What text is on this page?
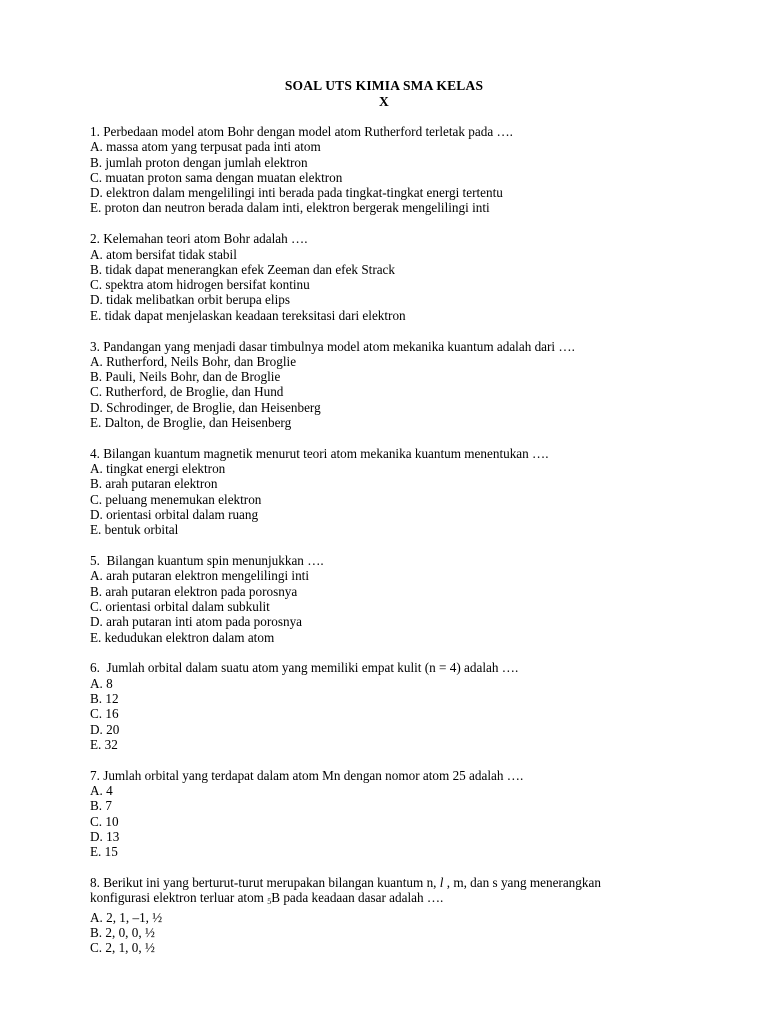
SOAL UTS KIMIA SMA KELAS
X

1. Perbedaan model atom Bohr dengan model atom Rutherford terletak pada ….

A. massa atom yang terpusat pada inti atom

B. jumlah proton dengan jumlah elektron

C. muatan proton sama dengan muatan elektron

D. elektron dalam mengelilingi inti berada pada tingkat-tingkat energi tertentu

E. proton dan neutron berada dalam inti, elektron bergerak mengelilingi inti

2. Kelemahan teori atom Bohr adalah ….

A. atom bersifat tidak stabil

B. tidak dapat menerangkan efek Zeeman dan efek Strack

C. spektra atom hidrogen bersifat kontinu

D. tidak melibatkan orbit berupa elips

E. tidak dapat menjelaskan keadaan tereksitasi dari elektron

3. Pandangan yang menjadi dasar timbulnya model atom mekanika kuantum adalah dari ….

A. Rutherford, Neils Bohr, dan Broglie

B. Pauli, Neils Bohr, dan de Broglie

C. Rutherford, de Broglie, dan Hund

D. Schrodinger, de Broglie, dan Heisenberg

E. Dalton, de Broglie, dan Heisenberg

4. Bilangan kuantum magnetik menurut teori atom mekanika kuantum menentukan ….

A. tingkat energi elektron

B. arah putaran elektron

C. peluang menemukan elektron

D. orientasi orbital dalam ruang

E. bentuk orbital

5.  Bilangan kuantum spin menunjukkan ….

A. arah putaran elektron mengelilingi inti

B. arah putaran elektron pada porosnya

C. orientasi orbital dalam subkulit

D. arah putaran inti atom pada porosnya

E. kedudukan elektron dalam atom

6.  Jumlah orbital dalam suatu atom yang memiliki empat kulit (n = 4) adalah ….

A. 8

B. 12

C. 16

D. 20

E. 32

7. Jumlah orbital yang terdapat dalam atom Mn dengan nomor atom 25 adalah ….

A. 4

B. 7

C. 10

D. 13

E. 15

8. Berikut ini yang berturut-turut merupakan bilangan kuantum n, l , m, dan s yang menerangkan
konfigurasi elektron terluar atom $_5$B pada keadaan dasar adalah ….

A. 2, 1, –1, ½

B. 2, 0, 0, ½

C. 2, 1, 0, ½
